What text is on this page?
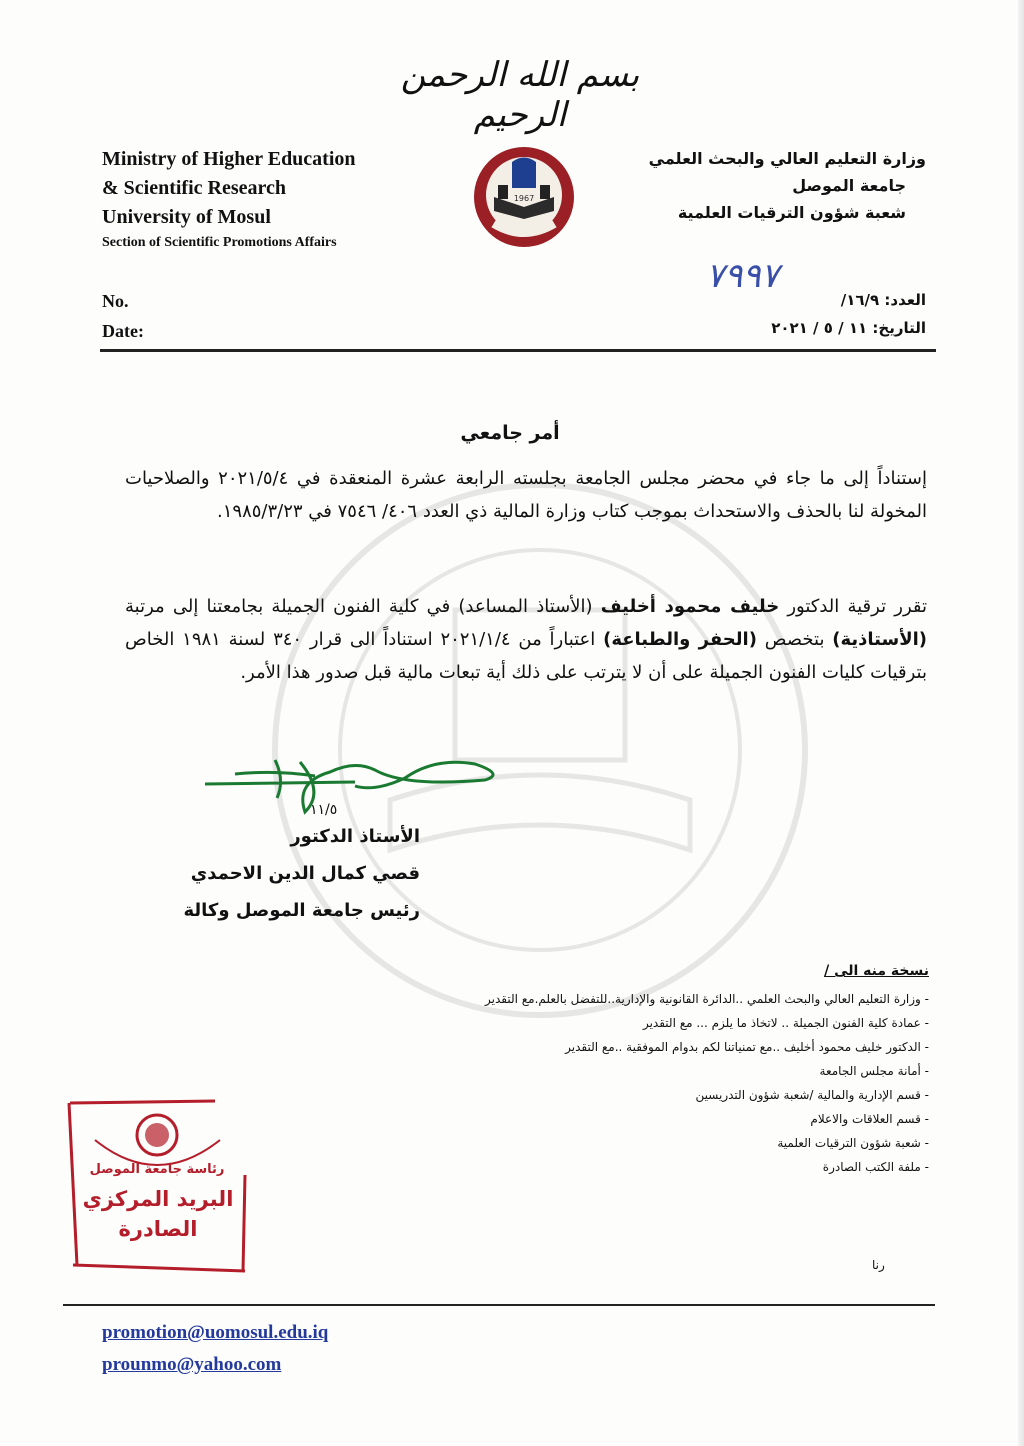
بسم الله الرحمن الرحيم
Ministry of Higher Education
& Scientific Research
University of Mosul
Section of Scientific Promotions Affairs
1967
وزارة التعليم العالي والبحث العلمي
جامعة الموصل
شعبة شؤون الترقيات العلمية
No.
Date:
٧٩٩٧
العدد: ١٦/٩/
التاريخ: ١١ / ٥ / ٢٠٢١
أمر جامعي
إستناداً إلى ما جاء في محضر مجلس الجامعة بجلسته الرابعة عشرة المنعقدة في ٢٠٢١/٥/٤ والصلاحيات المخولة لنا بالحذف والاستحداث بموجب كتاب وزارة المالية ذي العدد ٤٠٦/ ٧٥٤٦ في ١٩٨٥/٣/٢٣.
تقرر ترقية الدكتور خليف محمود أخليف (الأستاذ المساعد) في كلية الفنون الجميلة بجامعتنا إلى مرتبة (الأستاذية) بتخصص (الحفر والطباعة) اعتباراً من ٢٠٢١/١/٤ استناداً الى قرار ٣٤٠ لسنة ١٩٨١ الخاص بترقيات كليات الفنون الجميلة على أن لا يترتب على ذلك أية تبعات مالية قبل صدور هذا الأمر.
١١/٥
الأستاذ الدكتور
قصي كمال الدين الاحمدي
رئيس جامعة الموصل وكالة
نسخة منه الى /
- وزارة التعليم العالي والبحث العلمي ..الدائرة القانونية والإدارية..للتفضل بالعلم.مع التقدير
- عمادة كلية الفنون الجميلة .. لاتخاذ ما يلزم ... مع التقدير
- الدكتور خليف محمود أخليف ..مع تمنياتنا لكم بدوام الموفقية ..مع التقدير
- أمانة مجلس الجامعة
- قسم الإدارية والمالية /شعبة شؤون التدريسين
- قسم العلاقات والاعلام
- شعبة شؤون الترقيات العلمية
- ملفة الكتب الصادرة
رئاسة جامعة الموصل
البريد المركزي
الصادرة
رنا
promotion@uomosul.edu.iq
prounmo@yahoo.com
